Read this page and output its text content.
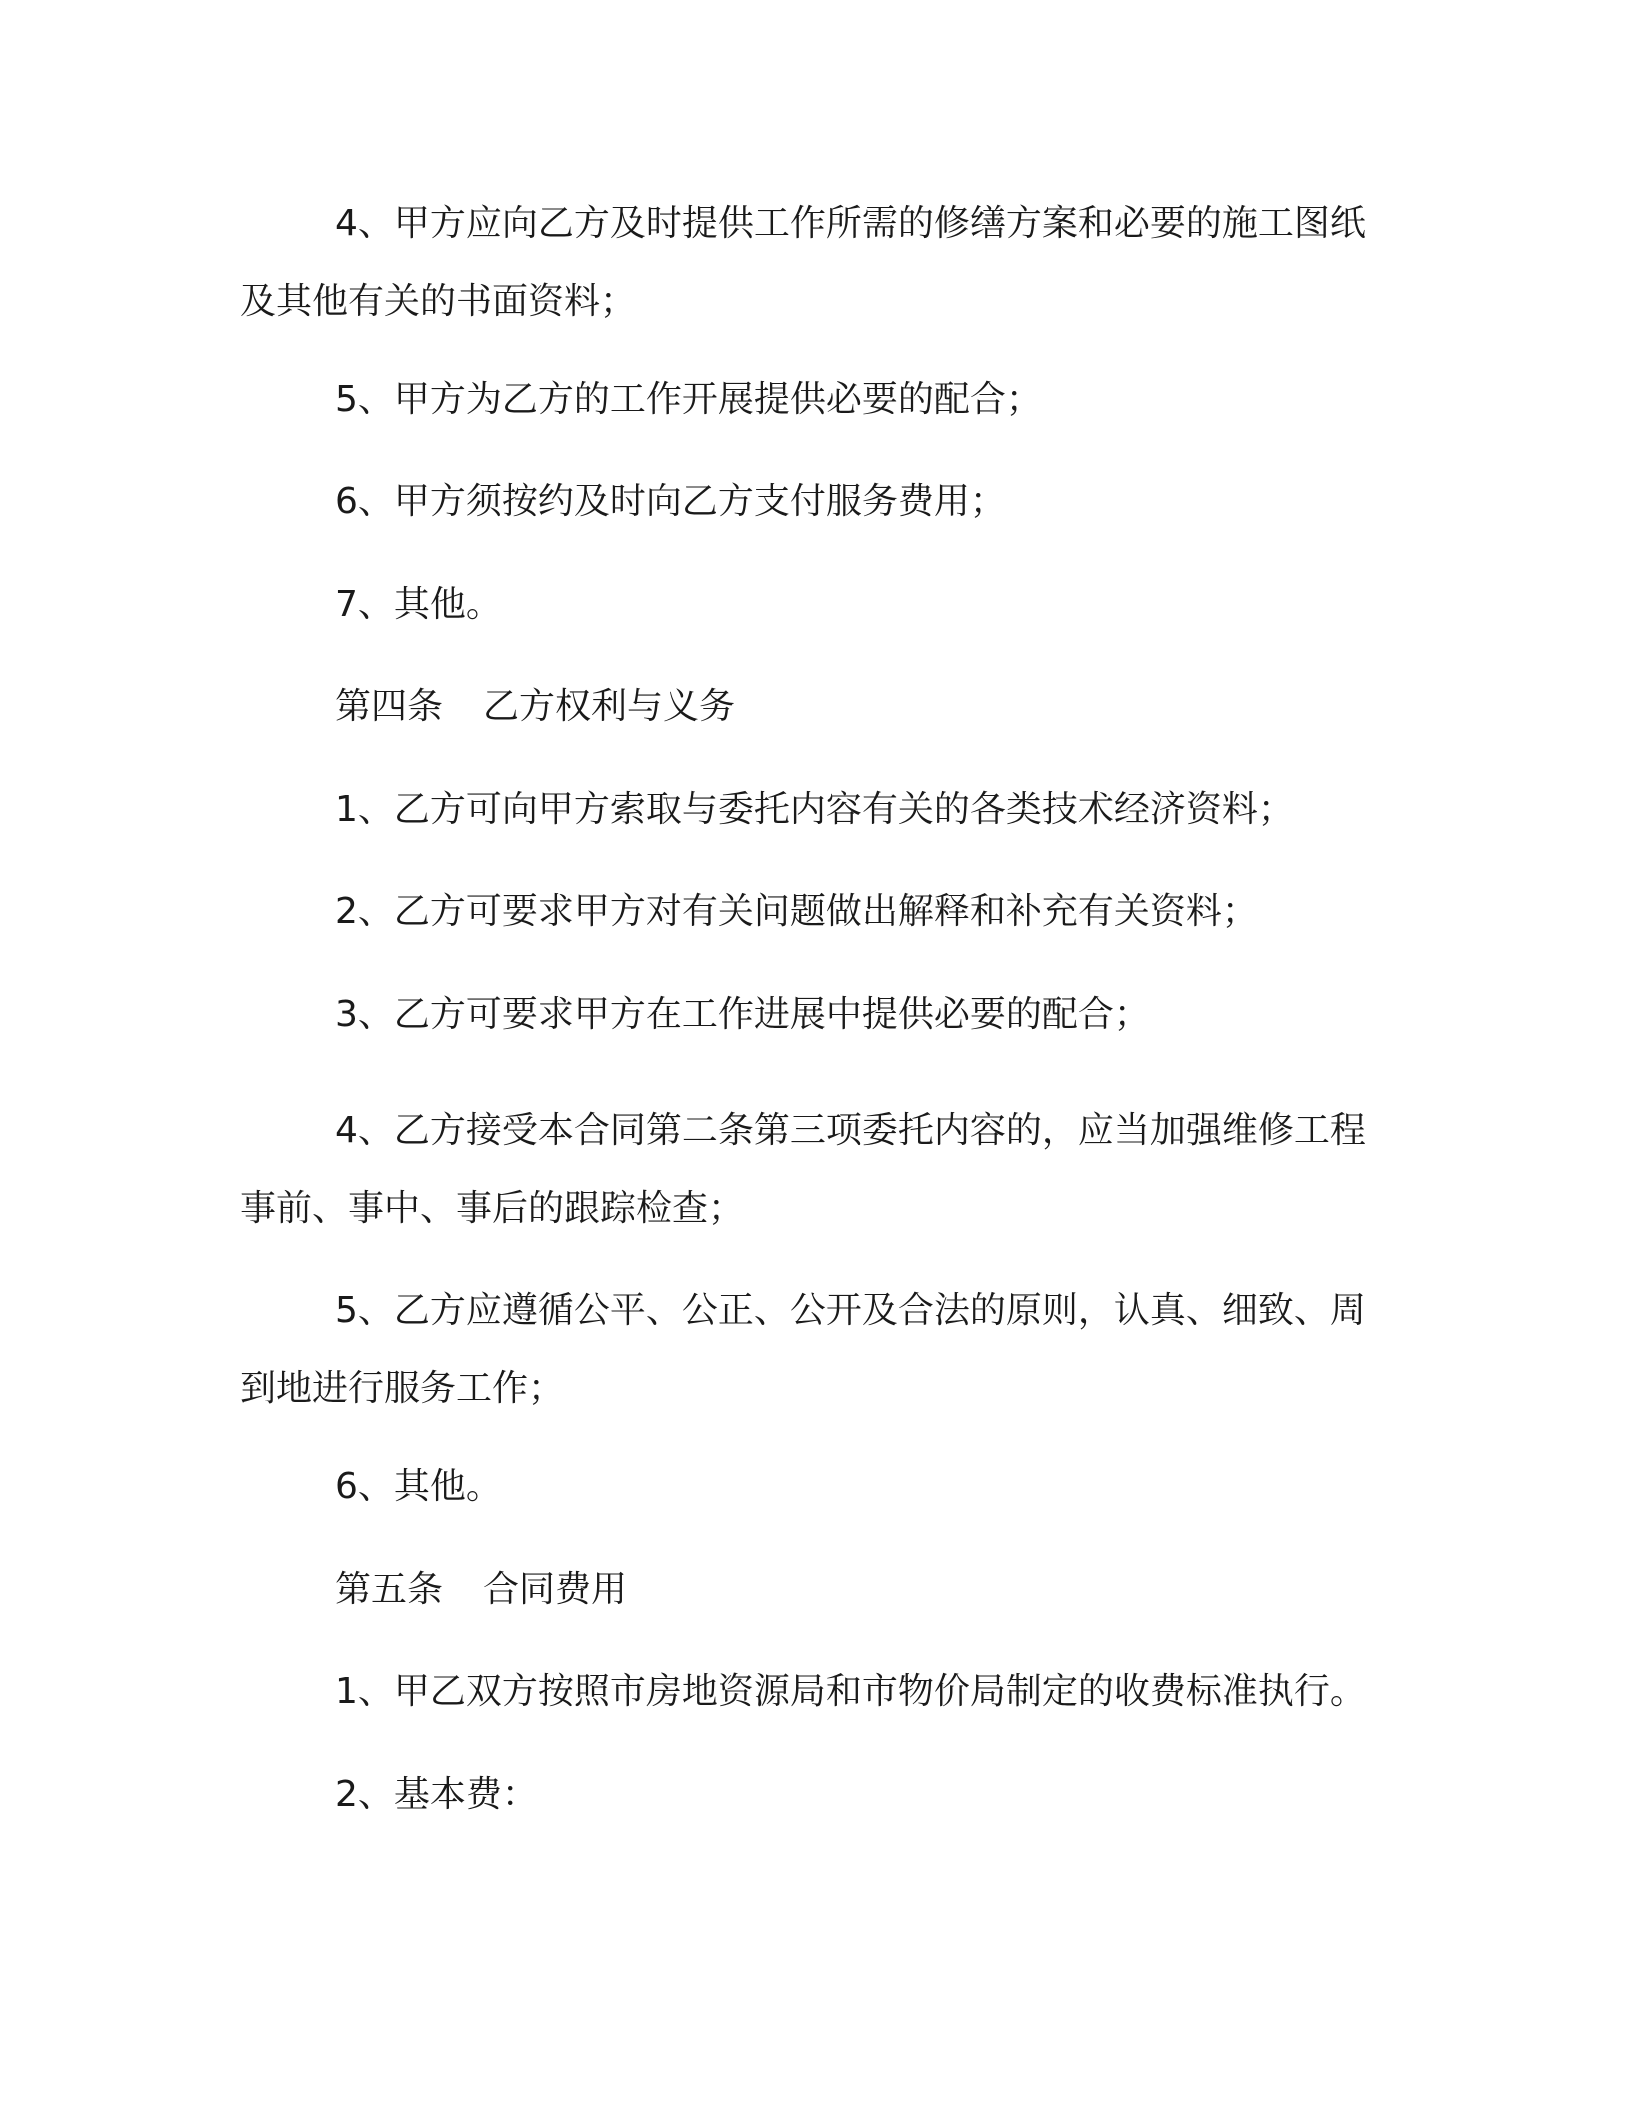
4、甲方应向乙方及时提供工作所需的修缮方案和必要的施工图纸及其他有关的书面资料；
5、甲方为乙方的工作开展提供必要的配合；
6、甲方须按约及时向乙方支付服务费用；
7、其他。
第四条 乙方权利与义务
1、乙方可向甲方索取与委托内容有关的各类技术经济资料；
2、乙方可要求甲方对有关问题做出解释和补充有关资料；
3、乙方可要求甲方在工作进展中提供必要的配合；
4、乙方接受本合同第二条第三项委托内容的，应当加强维修工程事前、事中、事后的跟踪检查；
5、乙方应遵循公平、公正、公开及合法的原则，认真、细致、周到地进行服务工作；
6、其他。
第五条 合同费用
1、甲乙双方按照市房地资源局和市物价局制定的收费标准执行。
2、基本费：
